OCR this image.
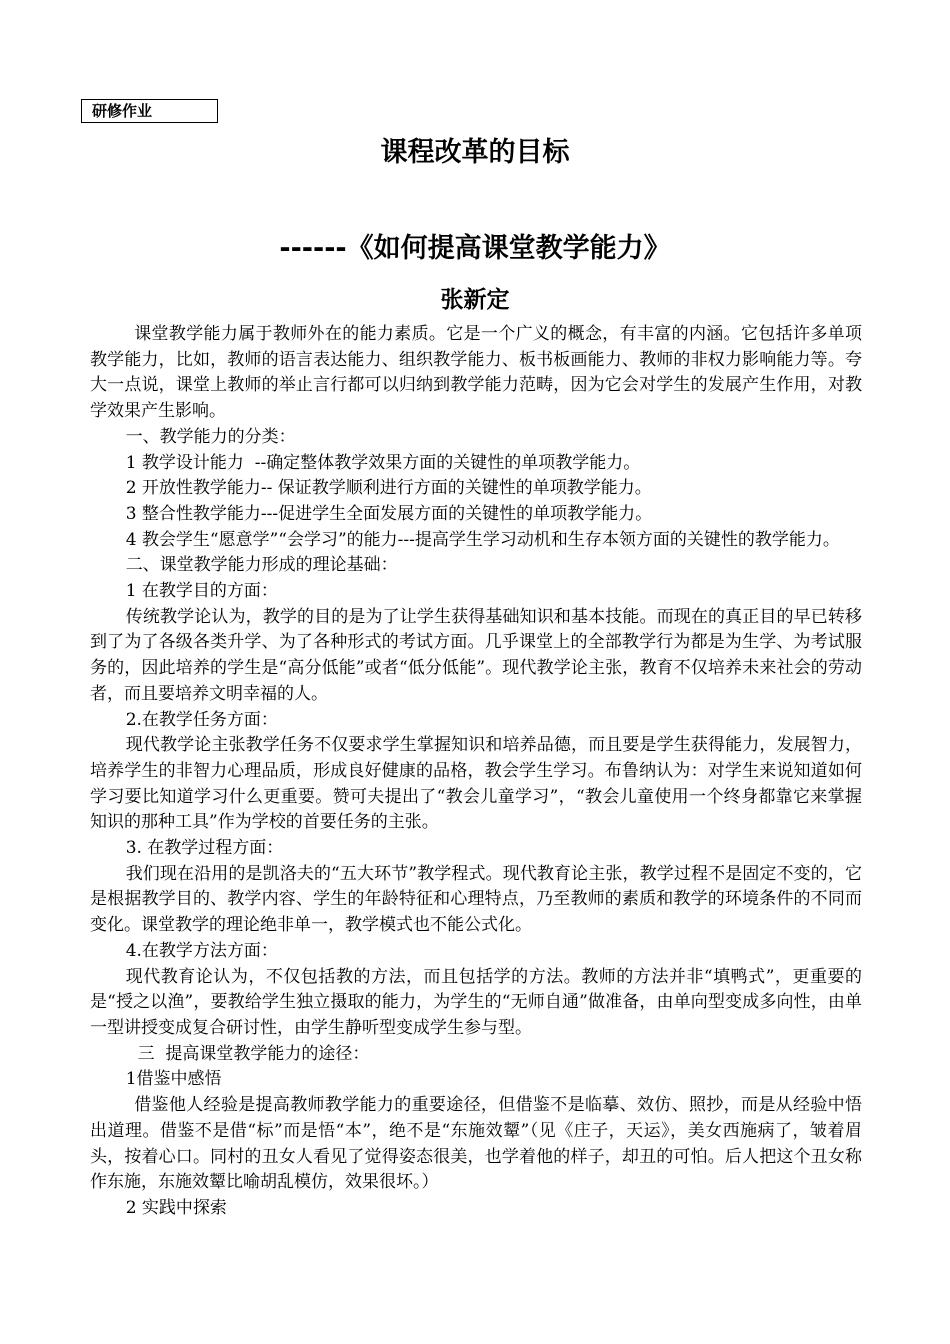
研修作业
课程改革的目标
------《如何提高课堂教学能力》
张新定

课堂教学能力属于教师外在的能力素质。它是一个广义的概念，有丰富的内涵。它包括许多单项教学能力，比如，教师的语言表达能力、组织教学能力、板书板画能力、教师的非权力影响能力等。夸大一点说，课堂上教师的举止言行都可以归纳到教学能力范畴，因为它会对学生的发展产生作用，对教学效果产生影响。

一、教学能力的分类：

1 教学设计能力  --确定整体教学效果方面的关键性的单项教学能力。

2 开放性教学能力-- 保证教学顺利进行方面的关键性的单项教学能力。

3 整合性教学能力---促进学生全面发展方面的关键性的单项教学能力。

4 教会学生“愿意学”“会学习”的能力---提高学生学习动机和生存本领方面的关键性的教学能力。

二、课堂教学能力形成的理论基础：

1 在教学目的方面：

传统教学论认为，教学的目的是为了让学生获得基础知识和基本技能。而现在的真正目的早已转移到了为了各级各类升学、为了各种形式的考试方面。几乎课堂上的全部教学行为都是为生学、为考试服务的，因此培养的学生是“高分低能”或者“低分低能”。现代教学论主张，教育不仅培养未来社会的劳动者，而且要培养文明幸福的人。

2.在教学任务方面：

现代教学论主张教学任务不仅要求学生掌握知识和培养品德，而且要是学生获得能力，发展智力，培养学生的非智力心理品质，形成良好健康的品格，教会学生学习。布鲁纳认为：对学生来说知道如何学习要比知道学习什么更重要。赞可夫提出了“教会儿童学习”，“教会儿童使用一个终身都靠它来掌握知识的那种工具”作为学校的首要任务的主张。

3. 在教学过程方面：

我们现在沿用的是凯洛夫的“五大环节”教学程式。现代教育论主张，教学过程不是固定不变的，它是根据教学目的、教学内容、学生的年龄特征和心理特点，乃至教师的素质和教学的环境条件的不同而变化。课堂教学的理论绝非单一，教学模式也不能公式化。

4.在教学方法方面：

现代教育论认为，不仅包括教的方法，而且包括学的方法。教师的方法并非“填鸭式”，更重要的是“授之以渔”，要教给学生独立摄取的能力，为学生的“无师自通”做准备，由单向型变成多向性，由单一型讲授变成复合研讨性，由学生静听型变成学生参与型。

三  提高课堂教学能力的途径：

1借鉴中感悟

借鉴他人经验是提高教师教学能力的重要途径，但借鉴不是临摹、效仿、照抄，而是从经验中悟出道理。借鉴不是借“标”而是悟“本”，绝不是“东施效颦”（见《庄子，天运》，美女西施病了，皱着眉头，按着心口。同村的丑女人看见了觉得姿态很美，也学着他的样子，却丑的可怕。后人把这个丑女称作东施，东施效颦比喻胡乱模仿，效果很坏。）

2 实践中探索
